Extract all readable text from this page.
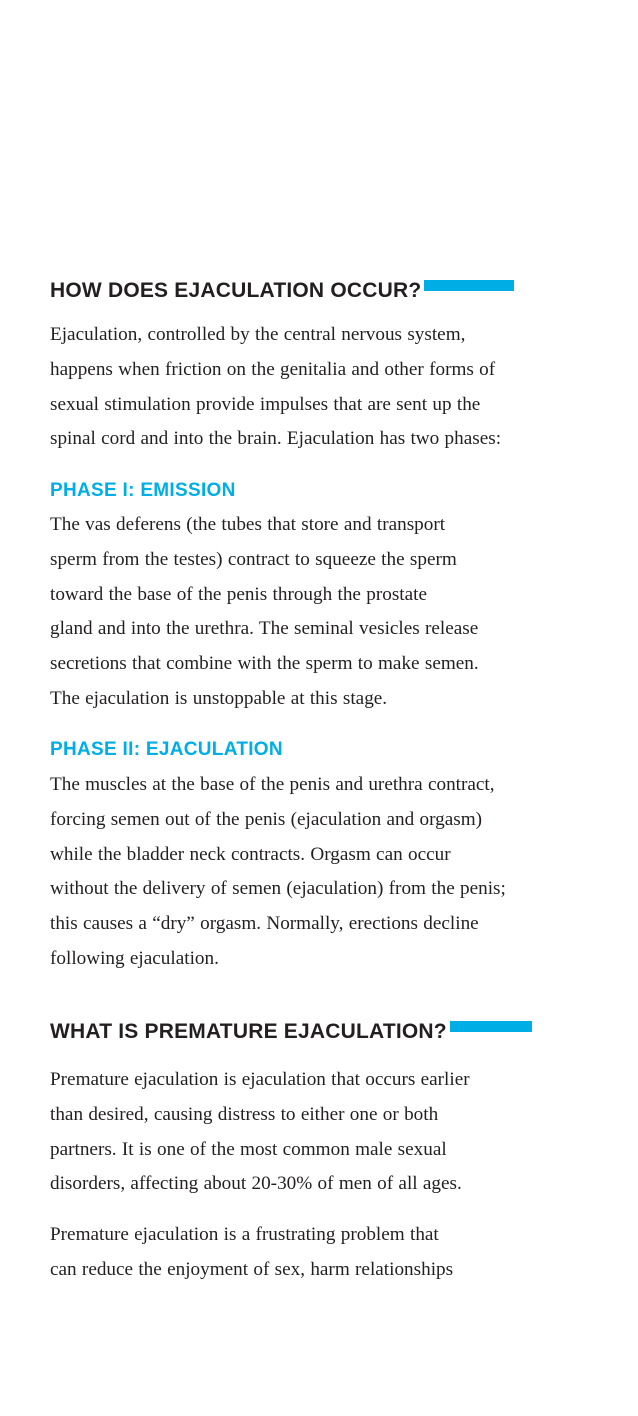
HOW DOES EJACULATION OCCUR?

Ejaculation, controlled by the central nervous system,
happens when friction on the genitalia and other forms of
sexual stimulation provide impulses that are sent up the
spinal cord and into the brain. Ejaculation has two phases:

PHASE I: EMISSION

The vas deferens (the tubes that store and transport
sperm from the testes) contract to squeeze the sperm
toward the base of the penis through the prostate
gland and into the urethra. The seminal vesicles release
secretions that combine with the sperm to make semen.
The ejaculation is unstoppable at this stage.

PHASE II: EJACULATION

The muscles at the base of the penis and urethra contract,
forcing semen out of the penis (ejaculation and orgasm)
while the bladder neck contracts. Orgasm can occur
without the delivery of semen (ejaculation) from the penis;
this causes a “dry” orgasm. Normally, erections decline
following ejaculation.

WHAT IS PREMATURE EJACULATION?

Premature ejaculation is ejaculation that occurs earlier
than desired, causing distress to either one or both
partners. It is one of the most common male sexual
disorders, affecting about 20-30% of men of all ages.

Premature ejaculation is a frustrating problem that
can reduce the enjoyment of sex, harm relationships
